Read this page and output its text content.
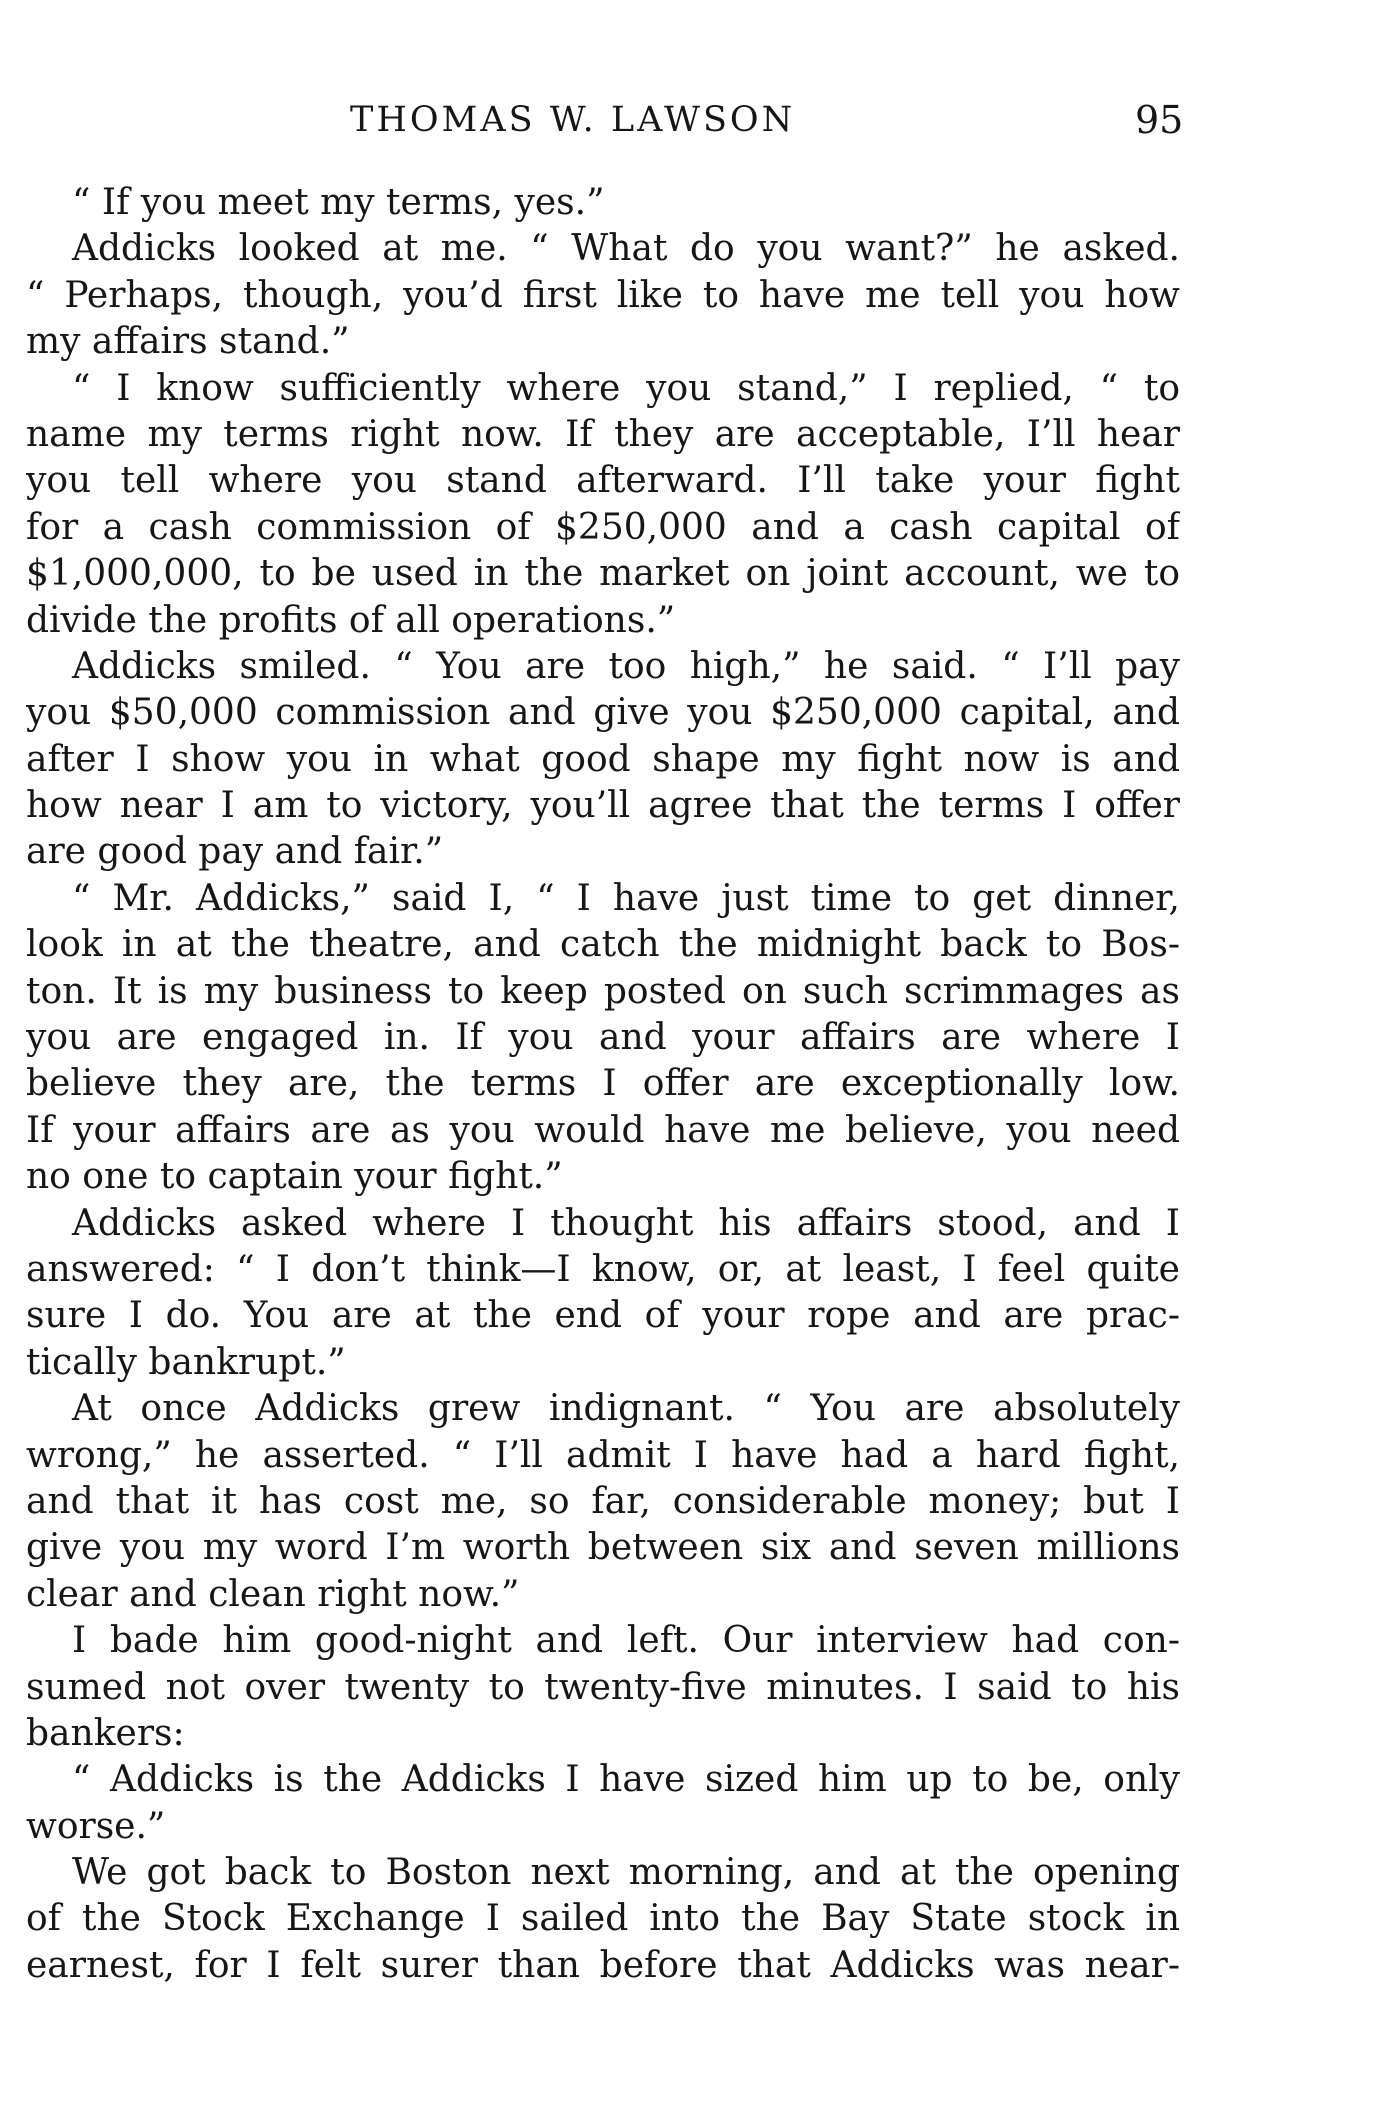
THOMAS W. LAWSON	95
“ If you meet my terms, yes.”
Addicks looked at me. “ What do you want?” he asked.
“ Perhaps, though, you’d first like to have me tell you how
my affairs stand.”
“ I know sufficiently where you stand,” I replied, “ to
name my terms right now. If they are acceptable, I’ll hear
you tell where you stand afterward. I’ll take your fight
for a cash commission of $250,000 and a cash capital of
$1,000,000, to be used in the market on joint account, we to
divide the profits of all operations.”
Addicks smiled. “ You are too high,” he said. “ I’ll pay
you $50,000 commission and give you $250,000 capital, and
after I show you in what good shape my fight now is and
how near I am to victory, you’ll agree that the terms I offer
are good pay and fair.”
“ Mr. Addicks,” said I, “ I have just time to get dinner,
look in at the theatre, and catch the midnight back to Bos-
ton. It is my business to keep posted on such scrimmages as
you are engaged in. If you and your affairs are where I
believe they are, the terms I offer are exceptionally low.
If your affairs are as you would have me believe, you need
no one to captain your fight.”
Addicks asked where I thought his affairs stood, and I
answered: “ I don’t think—I know, or, at least, I feel quite
sure I do. You are at the end of your rope and are prac-
tically bankrupt.”
At once Addicks grew indignant. “ You are absolutely
wrong,” he asserted. “ I’ll admit I have had a hard fight,
and that it has cost me, so far, considerable money; but I
give you my word I’m worth between six and seven millions
clear and clean right now.”
I bade him good-night and left. Our interview had con-
sumed not over twenty to twenty-five minutes. I said to his
bankers:
“ Addicks is the Addicks I have sized him up to be, only
worse.”
We got back to Boston next morning, and at the opening
of the Stock Exchange I sailed into the Bay State stock in
earnest, for I felt surer than before that Addicks was near-
